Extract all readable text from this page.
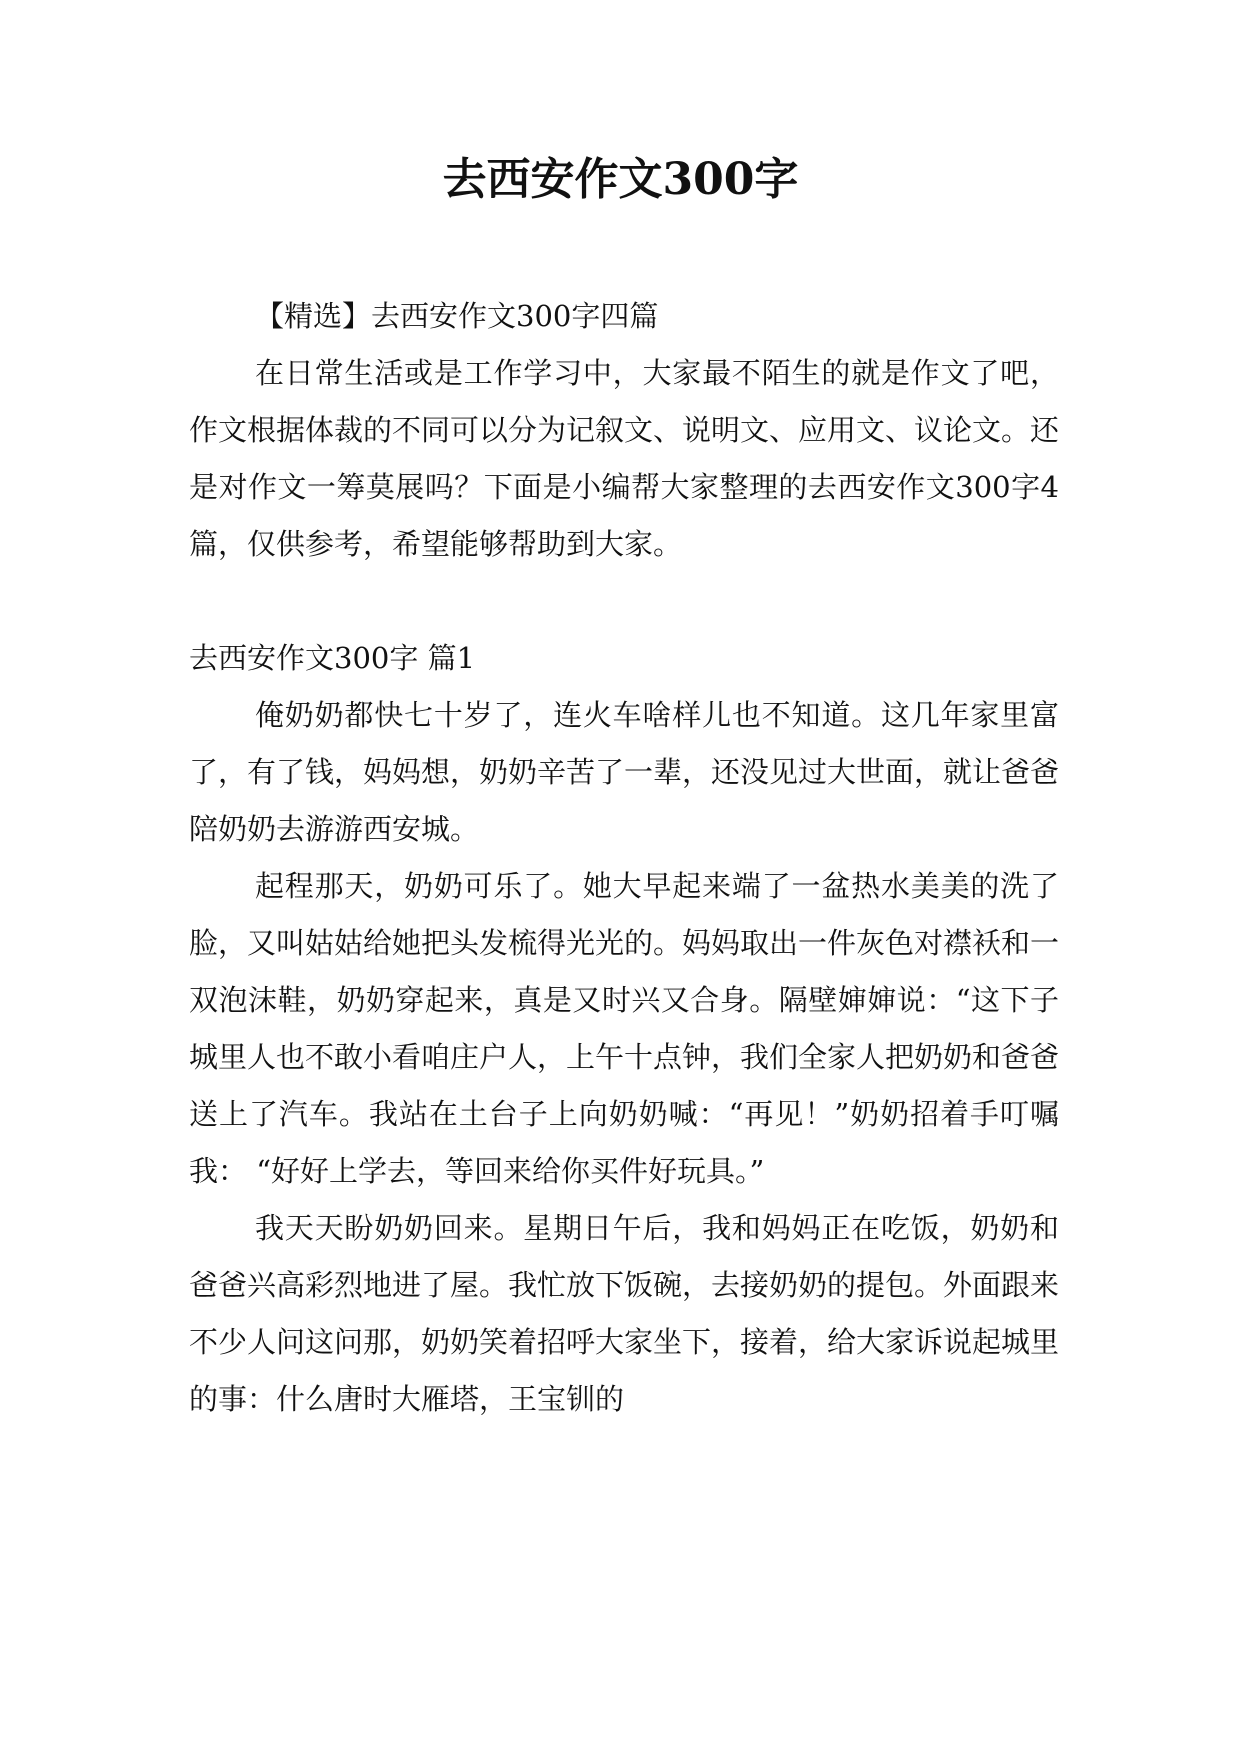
去西安作文300字

【精选】去西安作文300字四篇

在日常生活或是工作学习中，大家最不陌生的就是作文了吧，作文根据体裁的不同可以分为记叙文、说明文、应用文、议论文。还是对作文一筹莫展吗？下面是小编帮大家整理的去西安作文300字4篇，仅供参考，希望能够帮助到大家。

去西安作文300字 篇1

俺奶奶都快七十岁了，连火车啥样儿也不知道。这几年家里富了，有了钱，妈妈想，奶奶辛苦了一辈，还没见过大世面，就让爸爸陪奶奶去游游西安城。

起程那天，奶奶可乐了。她大早起来端了一盆热水美美的洗了脸，又叫姑姑给她把头发梳得光光的。妈妈取出一件灰色对襟袄和一双泡沫鞋，奶奶穿起来，真是又时兴又合身。隔壁婶婶说：“这下子城里人也不敢小看咱庄户人，上午十点钟，我们全家人把奶奶和爸爸送上了汽车。我站在土台子上向奶奶喊：“再见！”奶奶招着手叮嘱我： “好好上学去，等回来给你买件好玩具。”

我天天盼奶奶回来。星期日午后，我和妈妈正在吃饭，奶奶和爸爸兴高彩烈地进了屋。我忙放下饭碗，去接奶奶的提包。外面跟来不少人问这问那，奶奶笑着招呼大家坐下，接着，给大家诉说起城里的事：什么唐时大雁塔，王宝钏的
